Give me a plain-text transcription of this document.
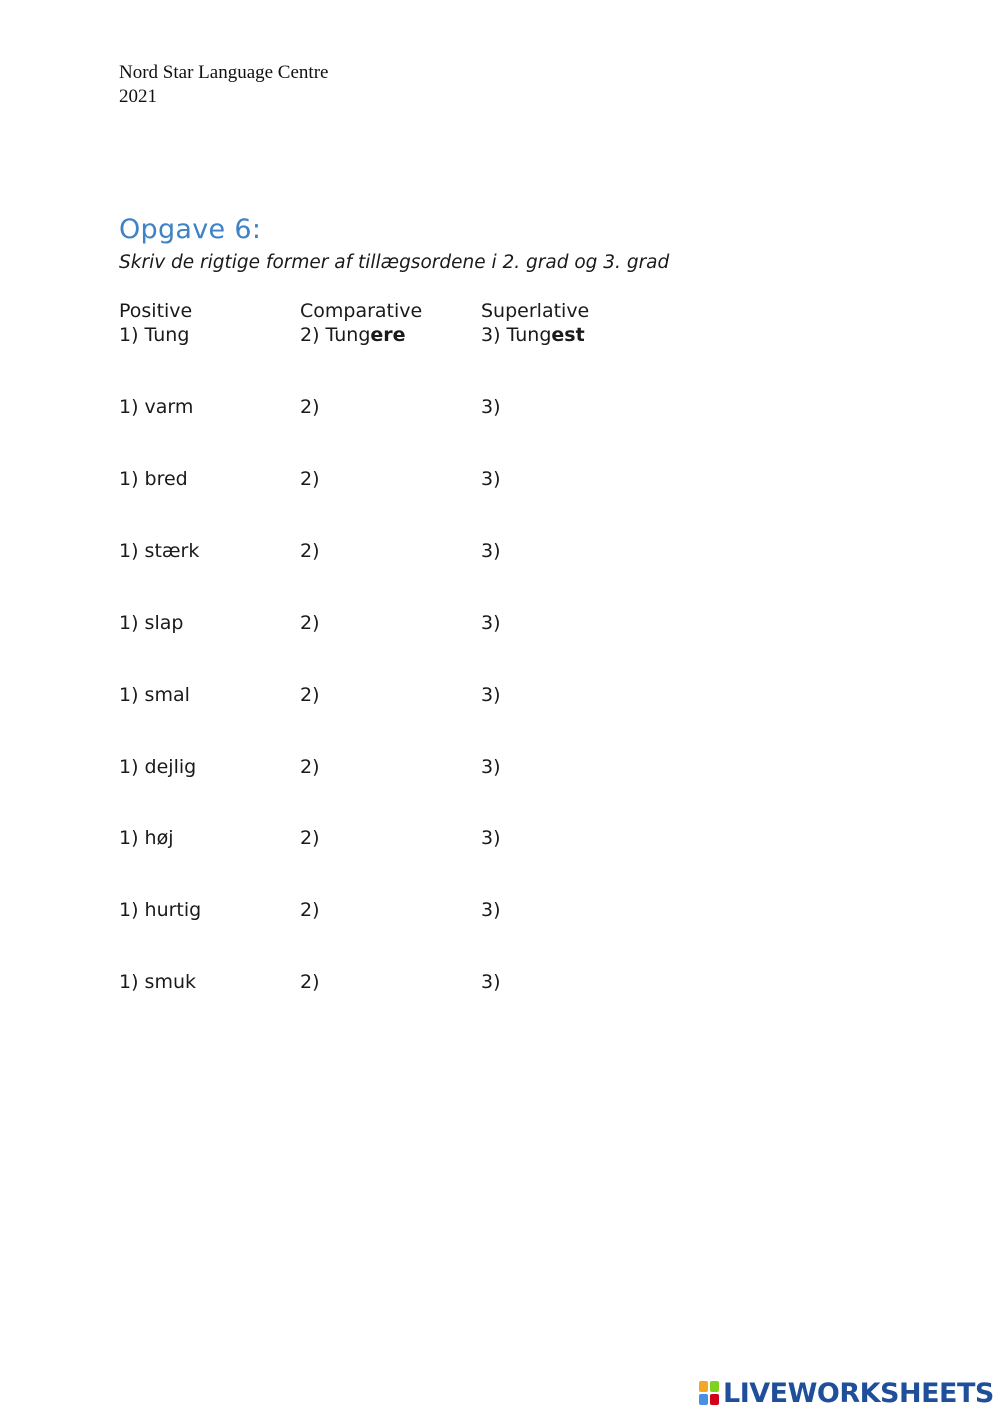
Nord Star Language Centre
2021
Opgave 6:
Skriv de rigtige former af tillægsordene i 2. grad og 3. grad
Positive	Comparative	Superlative
1) Tung	2) Tungere	3) Tungest
1) varm	2)	3)
1) bred	2)	3)
1) stærk	2)	3)
1) slap	2)	3)
1) smal	2)	3)
1) dejlig	2)	3)
1) høj	2)	3)
1) hurtig	2)	3)
1) smuk	2)	3)
LIVEWORKSHEETS
